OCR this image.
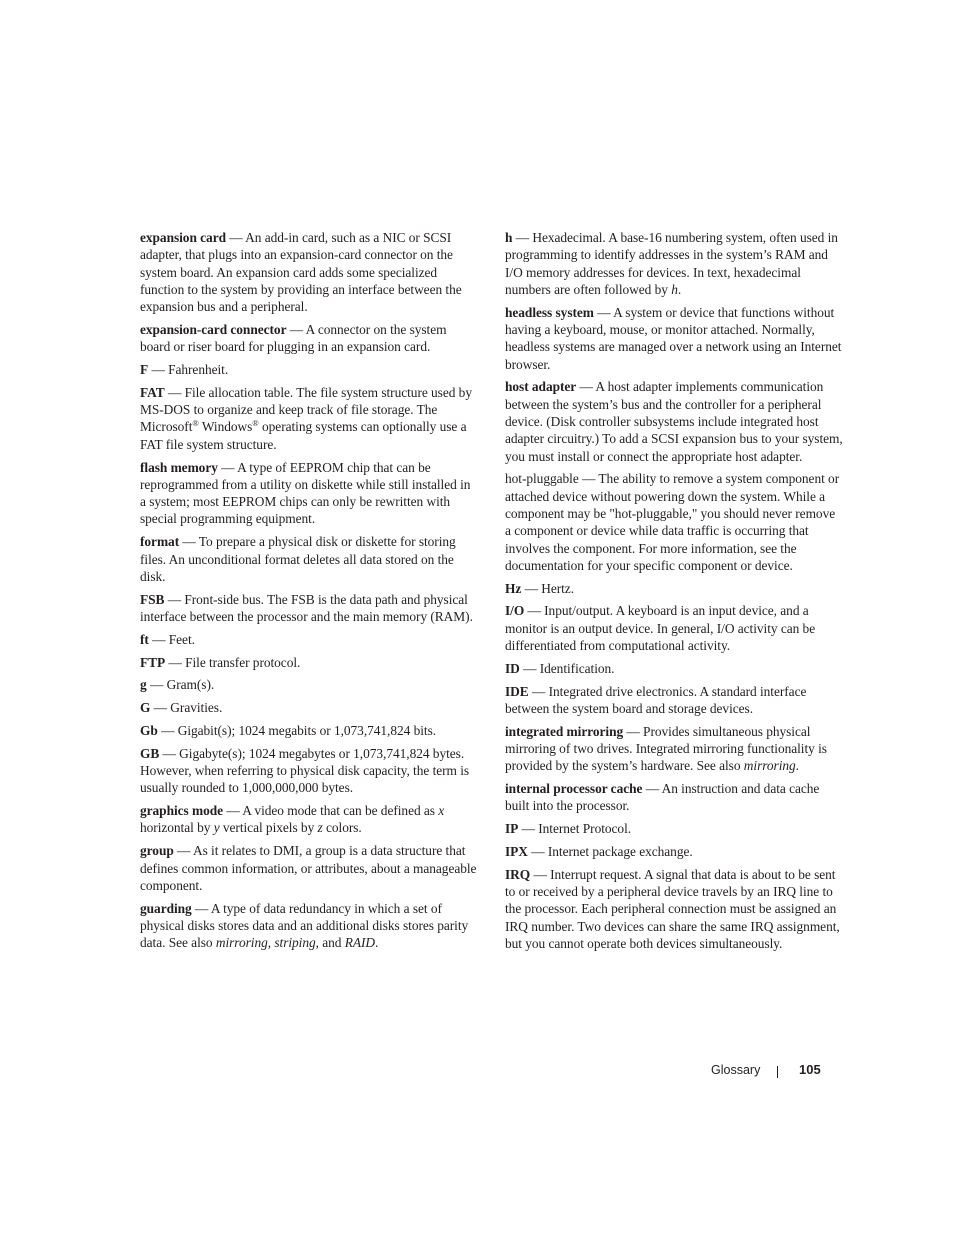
expansion card — An add-in card, such as a NIC or SCSI adapter, that plugs into an expansion-card connector on the system board. An expansion card adds some specialized function to the system by providing an interface between the expansion bus and a peripheral.

expansion-card connector — A connector on the system board or riser board for plugging in an expansion card.

F — Fahrenheit.

FAT — File allocation table. The file system structure used by MS-DOS to organize and keep track of file storage. The Microsoft® Windows® operating systems can optionally use a FAT file system structure.

flash memory — A type of EEPROM chip that can be reprogrammed from a utility on diskette while still installed in a system; most EEPROM chips can only be rewritten with special programming equipment.

format — To prepare a physical disk or diskette for storing files. An unconditional format deletes all data stored on the disk.

FSB — Front-side bus. The FSB is the data path and physical interface between the processor and the main memory (RAM).

ft — Feet.

FTP — File transfer protocol.

g — Gram(s).

G — Gravities.

Gb — Gigabit(s); 1024 megabits or 1,073,741,824 bits.

GB — Gigabyte(s); 1024 megabytes or 1,073,741,824 bytes. However, when referring to physical disk capacity, the term is usually rounded to 1,000,000,000 bytes.

graphics mode — A video mode that can be defined as x horizontal by y vertical pixels by z colors.

group — As it relates to DMI, a group is a data structure that defines common information, or attributes, about a manageable component.

guarding — A type of data redundancy in which a set of physical disks stores data and an additional disks stores parity data. See also mirroring, striping, and RAID.

h — Hexadecimal. A base-16 numbering system, often used in programming to identify addresses in the system’s RAM and I/O memory addresses for devices. In text, hexadecimal numbers are often followed by h.

headless system — A system or device that functions without having a keyboard, mouse, or monitor attached. Normally, headless systems are managed over a network using an Internet browser.

host adapter — A host adapter implements communication between the system’s bus and the controller for a peripheral device. (Disk controller subsystems include integrated host adapter circuitry.) To add a SCSI expansion bus to your system, you must install or connect the appropriate host adapter.

hot-pluggable — The ability to remove a system component or attached device without powering down the system. While a component may be "hot-pluggable," you should never remove a component or device while data traffic is occurring that involves the component. For more information, see the documentation for your specific component or device.

Hz — Hertz.

I/O — Input/output. A keyboard is an input device, and a monitor is an output device. In general, I/O activity can be differentiated from computational activity.

ID — Identification.

IDE — Integrated drive electronics. A standard interface between the system board and storage devices.

integrated mirroring — Provides simultaneous physical mirroring of two drives. Integrated mirroring functionality is provided by the system’s hardware. See also mirroring.

internal processor cache — An instruction and data cache built into the processor.

IP — Internet Protocol.

IPX — Internet package exchange.

IRQ — Interrupt request. A signal that data is about to be sent to or received by a peripheral device travels by an IRQ line to the processor. Each peripheral connection must be assigned an IRQ number. Two devices can share the same IRQ assignment, but you cannot operate both devices simultaneously.

Glossary	105
